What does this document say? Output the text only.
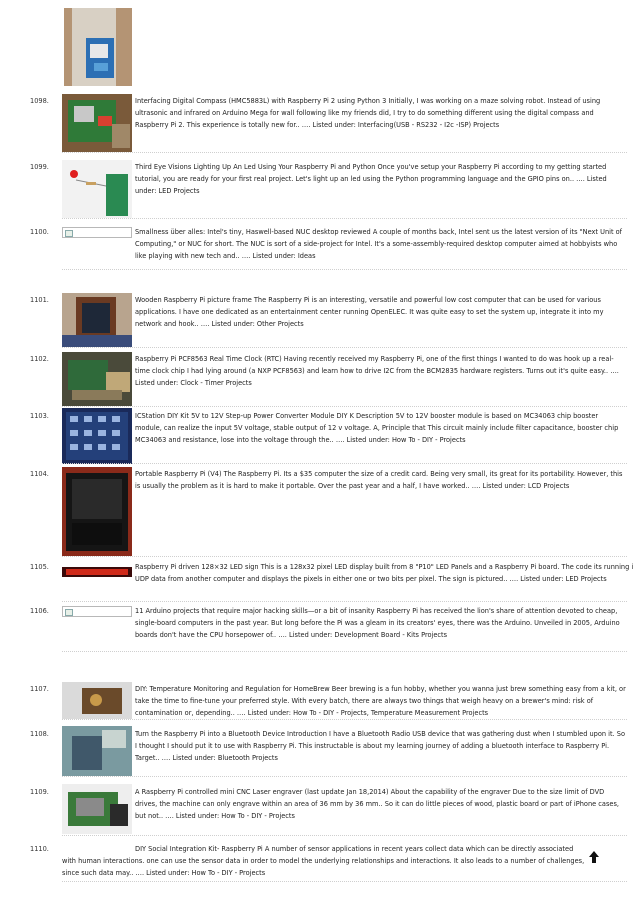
1098.	Interfacing Digital Compass (HMC5883L) with Raspberry Pi 2 using Python 3 Initially, I was working on a maze solving robot. Instead of using ultrasonic and infrared on Arduino Mega for wall following like my friends did, I try to do something different using the digital compass and Raspberry Pi 2. This experience is totally new for.. …. Listed under: Interfacing(USB - RS232 - I2c -ISP) Projects
1099.	Third Eye Visions Lighting Up An Led Using Your Raspberry Pi and Python Once you've setup your Raspberry Pi according to my getting started tutorial, you are ready for your first real project. Let's light up an led using the Python programming language and the GPIO pins on.. …. Listed under: LED Projects
1100.	Smallness über alles: Intel's tiny, Haswell-based NUC desktop reviewed A couple of months back, Intel sent us the latest version of its "Next Unit of Computing," or NUC for short. The NUC is sort of a side-project for Intel. It's a some-assembly-required desktop computer aimed at hobbyists who like playing with new tech and.. …. Listed under: Ideas
1101.	Wooden Raspberry Pi picture frame The Raspberry Pi is an interesting, versatile and powerful low cost computer that can be used for various applications. I have one dedicated as an entertainment center running OpenELEC. It was quite easy to set the system up, integrate it into my network and hook.. …. Listed under: Other Projects
1102.	Raspberry Pi PCF8563 Real Time Clock (RTC) Having recently received my Raspberry Pi, one of the first things I wanted to do was hook up a real-time clock chip I had lying around (a NXP PCF8563) and learn how to drive I2C from the BCM2835 hardware registers. Turns out it's quite easy.. …. Listed under: Clock - Timer Projects
1103.	ICStation DIY Kit 5V to 12V Step-up Power Converter Module DIY K Description 5V to 12V booster module is based on MC34063 chip booster module, can realize the input 5V voltage, stable output of 12 v voltage. A, Principle that This circuit mainly include filter capacitance, booster chip MC34063 and resistance, lose into the voltage through the.. …. Listed under: How To - DIY - Projects
1104.	Portable Raspberry Pi (V4) The Raspberry Pi. Its a $35 computer the size of a credit card. Being very small, its great for its portability. However, this is usually the problem as it is hard to make it portable. Over the past year and a half, I have worked.. …. Listed under: LCD Projects
1105.	Raspberry Pi driven 128×32 LED sign This is a 128x32 pixel LED display built from 8 "P10" LED Panels and a Raspberry Pi board. The code its running i UDP data from another computer and displays the pixels in either one or two bits per pixel. The sign is pictured.. …. Listed under: LED Projects
1106.	11 Arduino projects that require major hacking skills—or a bit of insanity Raspberry Pi has received the lion's share of attention devoted to cheap, single-board computers in the past year. But long before the Pi was a gleam in its creators' eyes, there was the Arduino. Unveiled in 2005, Arduino boards don't have the CPU horsepower of.. …. Listed under: Development Board - Kits Projects
1107.	DIY: Temperature Monitoring and Regulation for HomeBrew Beer brewing is a fun hobby, whether you wanna just brew something easy from a kit, or take the time to fine-tune your preferred style. With every batch, there are always two things that weigh heavy on a brewer's mind: risk of contamination or, depending.. …. Listed under: How To - DIY - Projects, Temperature Measurement Projects
1108.	Turn the Raspberry Pi into a Bluetooth Device Introduction I have a Bluetooth Radio USB device that was gathering dust when I stumbled upon it. So I thought I should put it to use with Raspberry Pi. This instructable is about my learning journey of adding a bluetooth interface to Raspberry Pi. Target.. …. Listed under: Bluetooth Projects
1109.	A Raspberry Pi controlled mini CNC Laser engraver (last update Jan 18,2014) About the capability of the engraver Due to the size limit of DVD drives, the machine can only engrave within an area of 36 mm by 36 mm.. So it can do little pieces of wood, plastic board or part of iPhone cases, but not.. …. Listed under: How To - DIY - Projects
1110.	DIY Social Integration Kit- Raspberry Pi A number of sensor applications in recent years collect data which can be directly associated with human interactions. one can use the sensor data in order to model the underlying relationships and interactions. It also leads to a number of challenges, since such data may.. …. Listed under: How To - DIY - Projects
